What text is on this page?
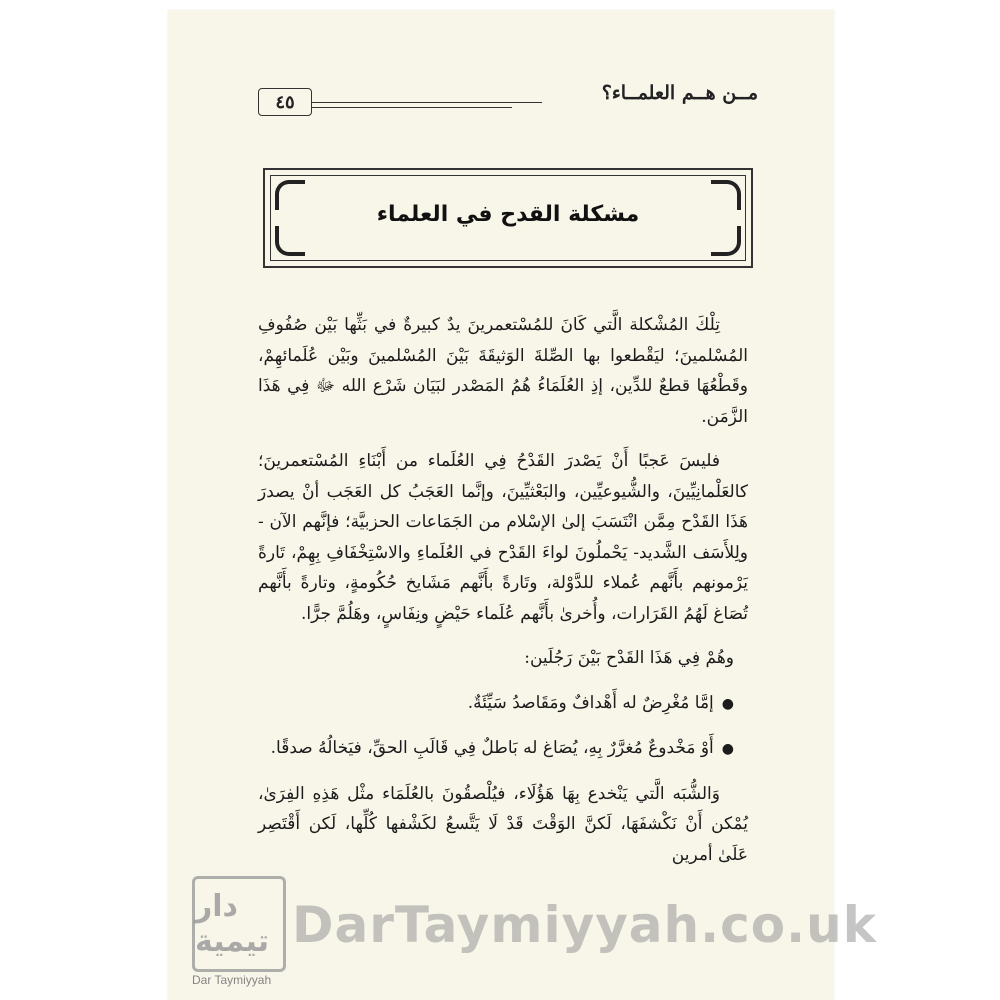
مــن هــم العلمــاء؟
٤٥
مشكلة القدح في العلماء

تِلْكَ المُشْكلة الَّتي كَانَ للمُسْتعمرينَ يدٌ كبيرةٌ في بَثِّها بَيْن صُفُوفِ المُسْلمينَ؛ ليَقْطعوا بها الصِّلةَ الوَثيقَةَ بَيْنَ المُسْلمينَ وبَيْن عُلَمائهِمْ، وقَطْعُهَا قطعٌ للدِّين، إذِ العُلَمَاءُ هُمُ المَصْدر لبَيَان شَرْع الله ﷻ فِي هَذَا الزَّمَن.

فليسَ عَجبًا أَنْ يَصْدرَ القَدْحُ فِي العُلَماء من أَبْنَاءِ المُسْتعمرينَ؛ كالعَلْمانِيِّينَ، والشُّيوعيِّين، والبَعْثيِّينَ، وإنَّما العَجَبُ كل العَجَب أنْ يصدرَ هَذَا القَدْح مِمَّن انْتَسَبَ إلىٰ الإسْلام من الجَمَاعات الحزبيَّة؛ فإنَّهم الآن - ولِلأَسَف الشَّديد- يَحْملُونَ لواءَ القَدْح في العُلَماءِ والاسْتِخْفَافِ بِهِمْ، تَارةً يَرْمونهم بأَنَّهم عُملاء للدَّوْلة، وتَارةً بأَنَّهم مَشَايخ حُكُومةٍ، وتارةً بأَنَّهم تُصَاغ لَهُمُ القَرَارات، وأُخرىٰ بأَنَّهم عُلَماء حَيْضٍ ونِفَاسٍ، وهَلُمَّ جرًّا.

وهُمْ فِي هَذَا القَدْح بَيْنَ رَجُلَين:

●
إمَّا مُغْرِضٌ له أَهْدافٌ ومَقَاصدُ سَيِّئَةٌ.
●
أَوْ مَخْدوعٌ مُغرَّرٌ بِهِ، يُصَاغ له بَاطلٌ فِي قَالَبِ الحقِّ، فيَخالُهُ صدقًا.

وَالشُّبَه الَّتي يَنْخدع بِهَا هَؤُلَاء، فيُلْصقُونَ بالعُلَمَاء مثْل هَذِهِ الفِرَىٰ، يُمْكن أَنْ نَكْشفَهَا، لَكنَّ الوَقْتَ قَدْ لَا يَتَّسعُ لكَشْفها كُلِّها، لَكن أَقْتَصِر عَلَىٰ أمرين

دار تيمية
Dar Taymiyyah
DarTaymiyyah.co.uk
